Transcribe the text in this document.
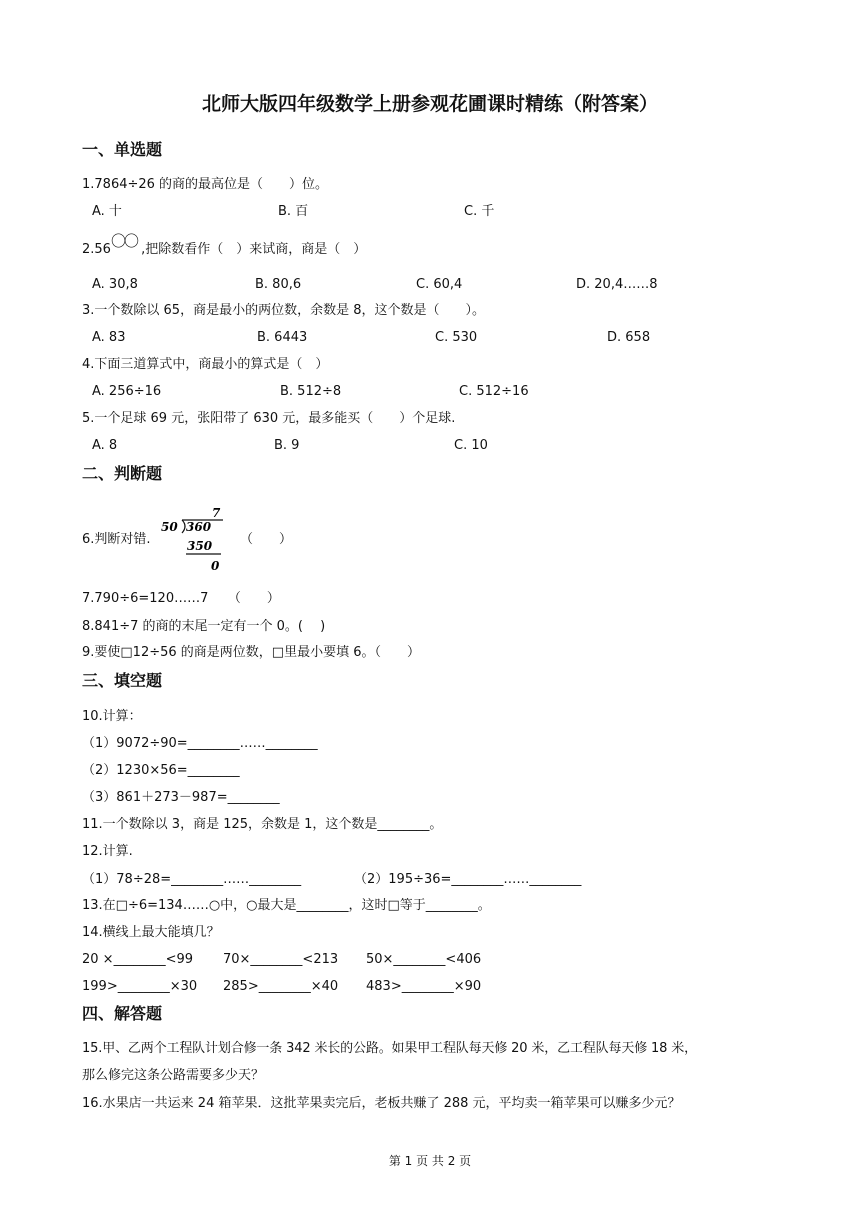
北师大版四年级数学上册参观花圃课时精练（附答案）
一、单选题
1.7864÷26 的商的最高位是（　　）位。
A. 十	B. 百	C. 千
2.56〇〇 ,把除数看作（　）来试商，商是（　）
A. 30,8	B. 80,6	C. 60,4	D. 20,4……8
3.一个数除以 65，商是最小的两位数，余数是 8，这个数是（　　）。
A. 83	B. 6443	C. 530	D. 658
4.下面三道算式中，商最小的算式是（　）
A. 256÷16	B. 512÷8	C. 512÷16
5.一个足球 69 元，张阳带了 630 元，最多能买（　　）个足球.
A. 8	B. 9	C. 10
二、判断题
6.判断对错.
7
50 360
350
0
（　　）
7.790÷6=120……7　　（　　）
8.841÷7 的商的末尾一定有一个 0。(　 )
9.要使□12÷56 的商是两位数，□里最小要填 6。（　　）
三、填空题
10.计算：
（1）9072÷90=________……________
（2）1230×56=________
（3）861＋273－987=________
11.一个数除以 3，商是 125，余数是 1，这个数是________。
12.计算.
（1）78÷28=________……________	（2）195÷36=________……________
13.在□÷6=134……○中，○最大是________，这时□等于________。
14.横线上最大能填几？
20 ×________<99 70×________<213 50×________<406
199>________×30 285>________×40 483>________×90
四、解答题
15.甲、乙两个工程队计划合修一条 342 米长的公路。如果甲工程队每天修 20 米，乙工程队每天修 18 米，
那么修完这条公路需要多少天？
16.水果店一共运来 24 箱苹果．这批苹果卖完后，老板共赚了 288 元，平均卖一箱苹果可以赚多少元？
第 1 页 共 2 页
